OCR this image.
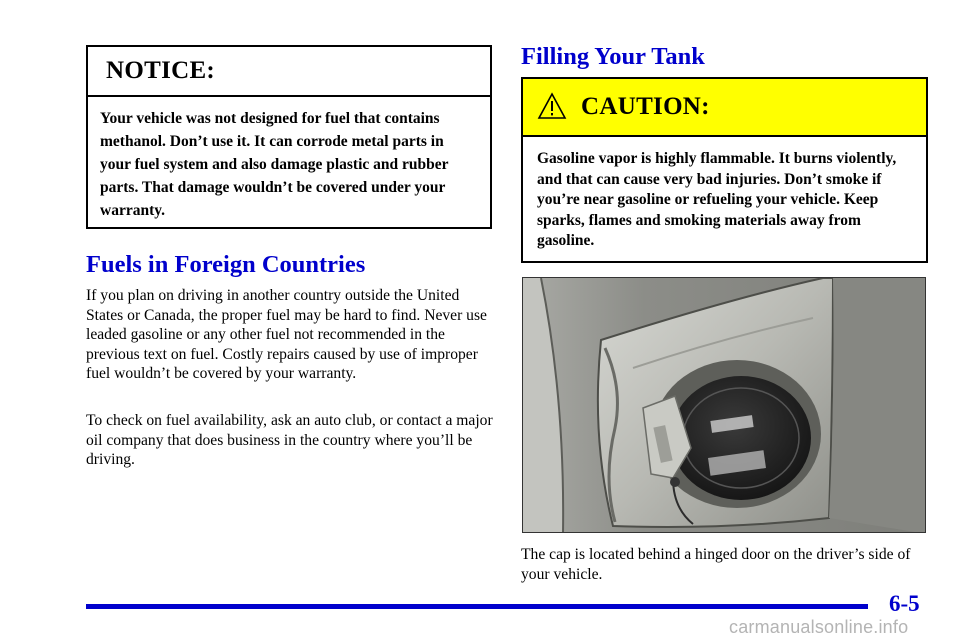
NOTICE:
Your vehicle was not designed for fuel that contains methanol. Don’t use it. It can corrode metal parts in your fuel system and also damage plastic and rubber parts. That damage wouldn’t be covered under your warranty.
Fuels in Foreign Countries

If you plan on driving in another country outside the United States or Canada, the proper fuel may be hard to find. Never use leaded gasoline or any other fuel not recommended in the previous text on fuel. Costly repairs caused by use of improper fuel wouldn’t be covered by your warranty.

To check on fuel availability, ask an auto club, or contact a major oil company that does business in the country where you’ll be driving.

Filling Your Tank
CAUTION:
Gasoline vapor is highly flammable. It burns violently, and that can cause very bad injuries. Don’t smoke if you’re near gasoline or refueling your vehicle. Keep sparks, flames and smoking materials away from gasoline.

The cap is located behind a hinged door on the driver’s side of your vehicle.

6-5
carmanualsonline.info
